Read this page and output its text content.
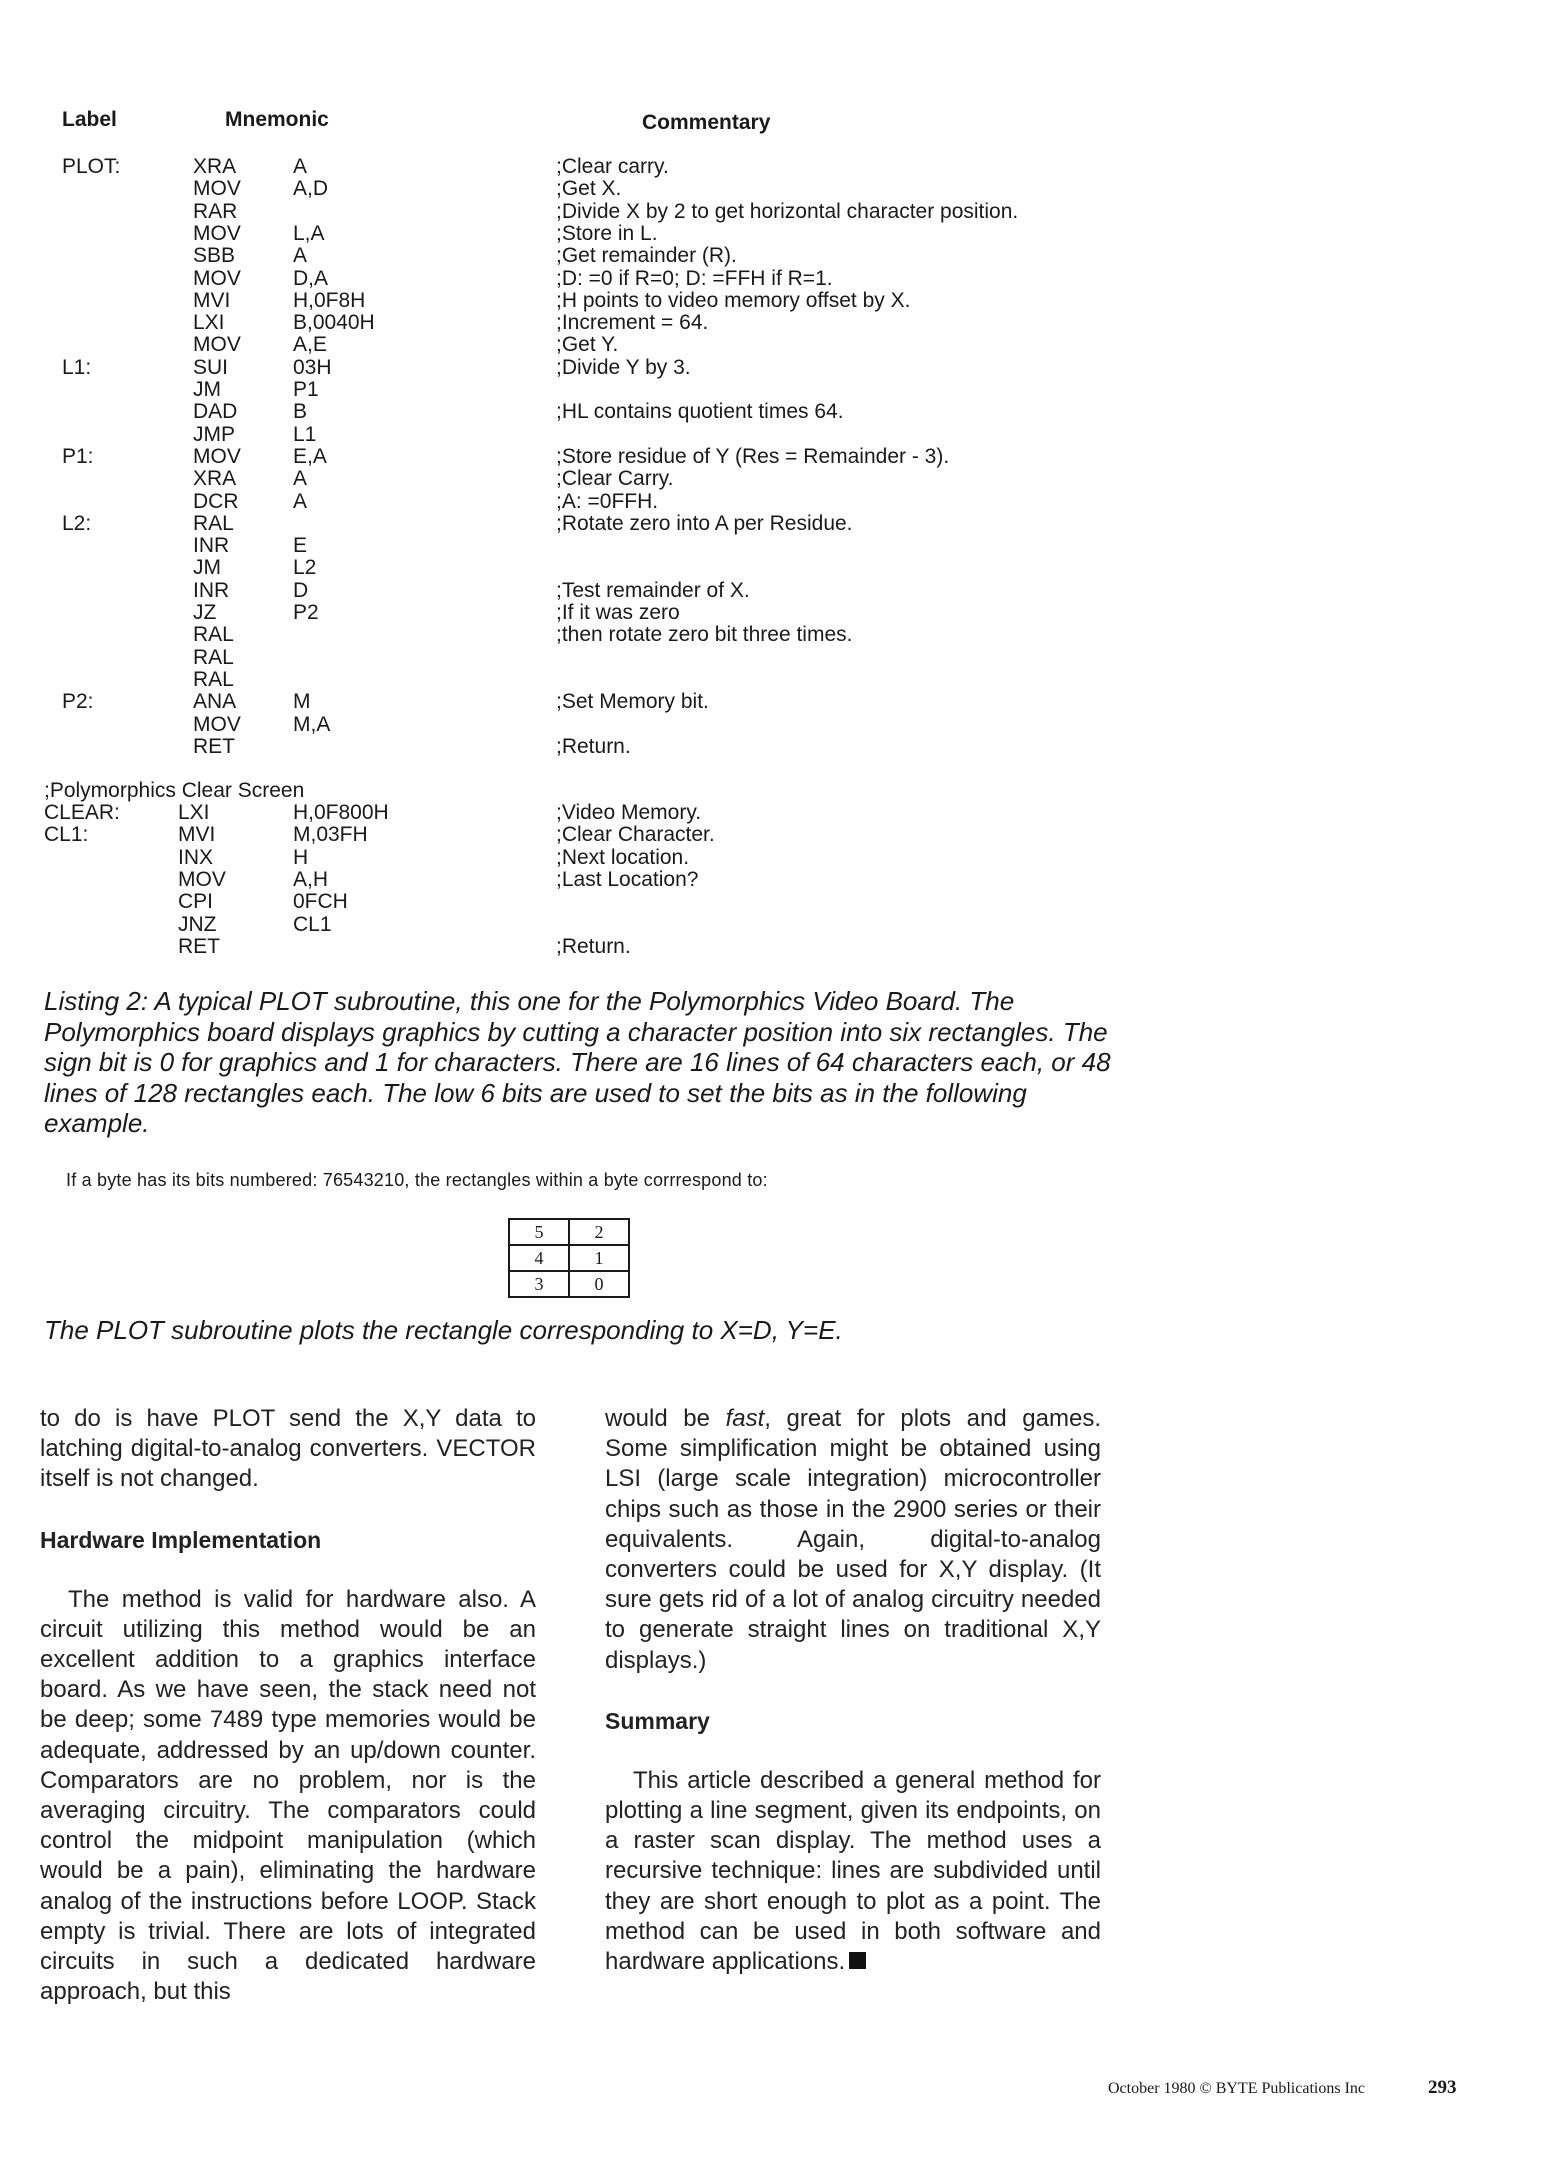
Label	Mnemonic	Commentary
PLOT:	XRA	A	;Clear carry.
MOV A,D	;Get X.
RAR	;Divide X by 2 to get horizontal character position.
MOV L,A	;Store in L.
SBB	A	;Get remainder (R).
MOV D,A	;D: =0 if R=0; D: =FFH if R=1.
MVI	H,0F8H	;H points to video memory offset by X.
LXI	B,0040H	;Increment = 64.
MOV A,E	;Get Y.
L1:	SUI	03H	;Divide Y by 3.
JM	P1
DAD	B	;HL contains quotient times 64.
JMP	L1
P1:	MOV E,A	;Store residue of Y (Res = Remainder - 3).
XRA	A	;Clear Carry.
DCR	A	;A: =0FFH.
L2:	RAL	;Rotate zero into A per Residue.
INR	E
JM	L2
INR	D	;Test remainder of X.
JZ	P2	;If it was zero
RAL	;then rotate zero bit three times.
RAL
RAL
P2:	ANA	M	;Set Memory bit.
MOV M,A
RET	;Return.
;Polymorphics Clear Screen
CLEAR:	LXI	H,0F800H	;Video Memory.
CL1:	MVI	M,03FH	;Clear Character.
INX	H	;Next location.
MOV	A,H	;Last Location?
CPI	0FCH
JNZ	CL1
RET	;Return.
Listing 2: A typical PLOT subroutine, this one for the Polymorphics Video Board. The Polymorphics board displays graphics by cutting a character position into six rectangles. The sign bit is 0 for graphics and 1 for characters. There are 16 lines of 64 characters each, or 48 lines of 128 rectangles each. The low 6 bits are used to set the bits as in the following example.
If a byte has its bits numbered: 76543210, the rectangles within a byte corrrespond to:
5	2
4	1
3	0
The PLOT subroutine plots the rectangle corresponding to X=D, Y=E.

to do is have PLOT send the X,Y data to latching digital-to-analog converters. VECTOR itself is not changed.

Hardware Implementation

The method is valid for hardware also. A circuit utilizing this method would be an excellent addition to a graphics interface board. As we have seen, the stack need not be deep; some 7489 type memories would be adequate, addressed by an up/down counter. Comparators are no problem, nor is the averaging circuitry. The comparators could control the midpoint manipulation (which would be a pain), eliminating the hardware analog of the instructions before LOOP. Stack empty is trivial. There are lots of integrated circuits in such a dedicated hardware approach, but this

would be fast, great for plots and games. Some simplification might be obtained using LSI (large scale integration) microcontroller chips such as those in the 2900 series or their equivalents. Again, digital-to-analog converters could be used for X,Y display. (It sure gets rid of a lot of analog circuitry needed to generate straight lines on traditional X,Y displays.)

Summary

This article described a general method for plotting a line segment, given its endpoints, on a raster scan display. The method uses a recursive technique: lines are subdivided until they are short enough to plot as a point. The method can be used in both software and hardware applications.

October 1980 © BYTE Publications Inc	293
